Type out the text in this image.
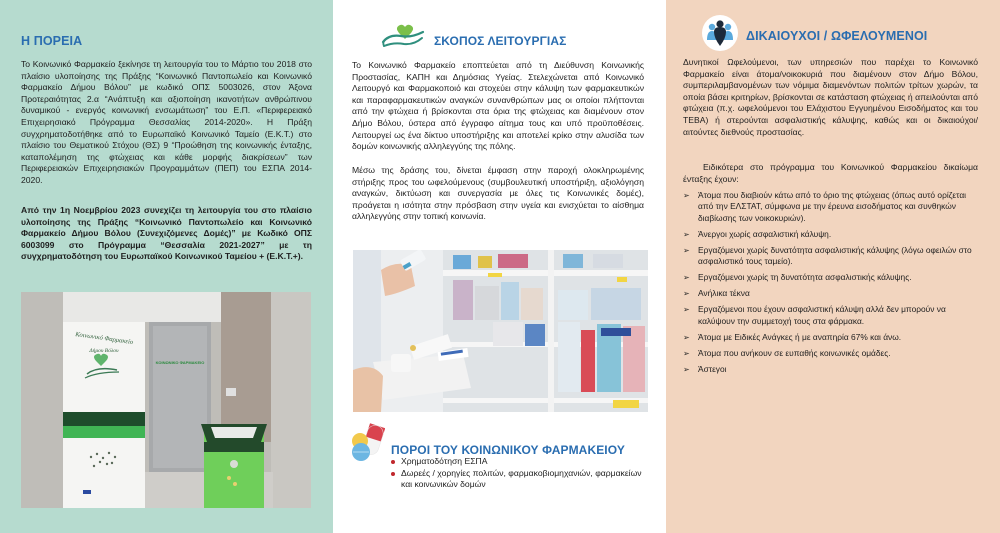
Η ΠΟΡΕΙΑ

Το Κοινωνικό Φαρμακείο ξεκίνησε τη λειτουργία του το Μάρτιο του 2018 στο πλαίσιο υλοποίησης της Πράξης “Κοινωνικό Παντοπωλείο και Κοινωνικό Φαρμακείο Δήμου Βόλου” με κωδικό ΟΠΣ 5003026, στον Άξονα Προτεραιότητας 2.α “Ανάπτυξη και αξιοποίηση ικανοτήτων ανθρώπινου δυναμικού - ενεργός κοινωνική ενσωμάτωση” του Ε.Π. «Περιφερειακό Επιχειρησιακό Πρόγραμμα Θεσσαλίας 2014-2020». Η Πράξη συγχρηματοδοτήθηκε από το Ευρωπαϊκό Κοινωνικό Ταμείο (Ε.Κ.Τ.) στο πλαίσιο του Θεματικού Στόχου (ΘΣ) 9 “Προώθηση της κοινωνικής ένταξης, καταπολέμηση της φτώχειας και κάθε μορφής διακρίσεων” των Περιφερειακών Επιχειρησιακών Προγραμμάτων (ΠΕΠ) του ΕΣΠΑ 2014-2020.

Από την 1η Νοεμβρίου 2023 συνεχίζει τη λειτουργία του στο πλαίσιο υλοποίησης της Πράξης “Κοινωνικό Παντοπωλείο και Κοινωνικό Φαρμακείο Δήμου Βόλου (Συνεχιζόμενες Δομές)” με Κωδικό ΟΠΣ 6003099 στο Πρόγραμμα “Θεσσαλία 2021-2027” με τη συγχρηματοδότηση του Ευρωπαϊκού Κοινωνικού Ταμείου + (Ε.Κ.Τ.+).

ΚΟΙΝΩΝΙΚΟ ΦΑΡΜΑΚΕΙΟ
Κοινωνικό Φαρμακείο
Δήμου Βόλου
ΣΚΟΠΟΣ ΛΕΙΤΟΥΡΓΙΑΣ

Το Κοινωνικό Φαρμακείο εποπτεύεται από τη Διεύθυνση Κοινωνικής Προστασίας, ΚΑΠΗ και Δημόσιας Υγείας. Στελεχώνεται από Κοινωνικό Λειτουργό και Φαρμακοποιό και στοχεύει στην κάλυψη των φαρμακευτικών και παραφαρμακευτικών αναγκών συνανθρώπων μας οι οποίοι πλήττονται από την φτώχεια ή βρίσκονται στα όρια της φτώχειας και διαμένουν στον Δήμο Βόλου, ύστερα από έγγραφο αίτημα τους και υπό προϋποθέσεις. Λειτουργεί ως ένα δίκτυο υποστήριξης και αποτελεί κρίκο στην αλυσίδα των δομών κοινωνικής αλληλεγγύης της πόλης.

Μέσω της δράσης του, δίνεται έμφαση στην παροχή ολοκληρωμένης στήριξης προς του ωφελούμενους (συμβουλευτική υποστήριξη, αξιολόγηση αναγκών, δικτύωση και συνεργασία με όλες τις Κοινωνικές δομές), προάγεται η ισότητα στην πρόσβαση στην υγεία και ενισχύεται το αίσθημα αλληλεγγύης στην τοπική κοινωνία.

ΠΟΡΟΙ ΤΟΥ ΚΟΙΝΩΝΙΚΟΥ ΦΑΡΜΑΚΕΙΟΥ
Χρηματοδότηση ΕΣΠΑ
Δωρεές / χορηγίες πολιτών, φαρμακοβιομηχανιών, φαρμακείων και κοινωνικών δομών
ΔΙΚΑΙΟΥΧΟΙ / ΩΦΕΛΟΥΜΕΝΟΙ

Δυνητικοί Ωφελούμενοι, των υπηρεσιών που παρέχει το Κοινωνικό Φαρμακείο είναι άτομα/νοικοκυριά που διαμένουν στον Δήμο Βόλου, συμπεριλαμβανομένων των νόμιμα διαμενόντων πολιτών τρίτων χωρών, τα οποία βάσει κριτηρίων, βρίσκονται σε κατάσταση φτώχειας ή απειλούνται από φτώχεια (π.χ. ωφελούμενοι του Ελάχιστου Εγγυημένου Εισοδήματος και του ΤΕΒΑ) ή στερούνται ασφαλιστικής κάλυψης, καθώς και οι δικαιούχοι/ αιτούντες διεθνούς προστασίας.

Ειδικότερα στο πρόγραμμα του Κοινωνικού Φαρμακείου δικαίωμα ένταξης έχουν:

➢ Άτομα που διαβιούν κάτω από το όριο της φτώχειας (όπως αυτό ορίζεται από την ΕΛΣΤΑΤ, σύμφωνα με την έρευνα εισοδήματος και συνθηκών διαβίωσης των νοικοκυριών).
➢ Άνεργοι χωρίς ασφαλιστική κάλυψη.
➢ Εργαζόμενοι χωρίς δυνατότητα ασφαλιστικής κάλυψης (λόγω οφειλών στο ασφαλιστικό τους ταμείο).
➢ Εργαζόμενοι χωρίς τη δυνατότητα ασφαλιστικής κάλυψης.
➢ Ανήλικα τέκνα
➢ Εργαζόμενοι που έχουν ασφαλιστική κάλυψη αλλά δεν μπορούν να καλύψουν την συμμετοχή τους στα φάρμακα.
➢ Άτομα με Ειδικές Ανάγκες ή με αναπηρία 67% και άνω.
➢ Άτομα που ανήκουν σε ευπαθής κοινωνικές ομάδες.
➢ Άστεγοι
